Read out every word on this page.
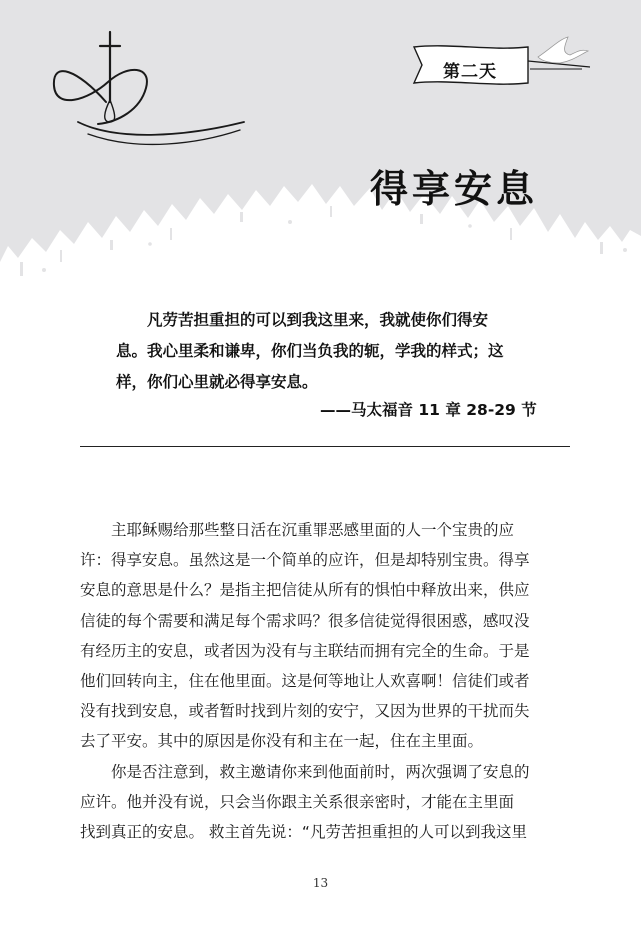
第二天
得享安息
　　凡劳苦担重担的可以到我这里来，我就使你们得安
息。我心里柔和谦卑，你们当负我的轭，学我的样式；这
样，你们心里就必得享安息。
——马太福音 11 章 28-29 节
　　主耶稣赐给那些整日活在沉重罪恶感里面的人一个宝贵的应
许：得享安息。虽然这是一个简单的应许，但是却特别宝贵。得享
安息的意思是什么？是指主把信徒从所有的惧怕中释放出来，供应
信徒的每个需要和满足每个需求吗？很多信徒觉得很困惑，感叹没
有经历主的安息，或者因为没有与主联结而拥有完全的生命。于是
他们回转向主，住在他里面。这是何等地让人欢喜啊！信徒们或者
没有找到安息，或者暂时找到片刻的安宁，又因为世界的干扰而失
去了平安。其中的原因是你没有和主在一起，住在主里面。
　　你是否注意到，救主邀请你来到他面前时，两次强调了安息的
应许。他并没有说，只会当你跟主关系很亲密时，才能在主里面
找到真正的安息。 救主首先说：“凡劳苦担重担的人可以到我这里
13
